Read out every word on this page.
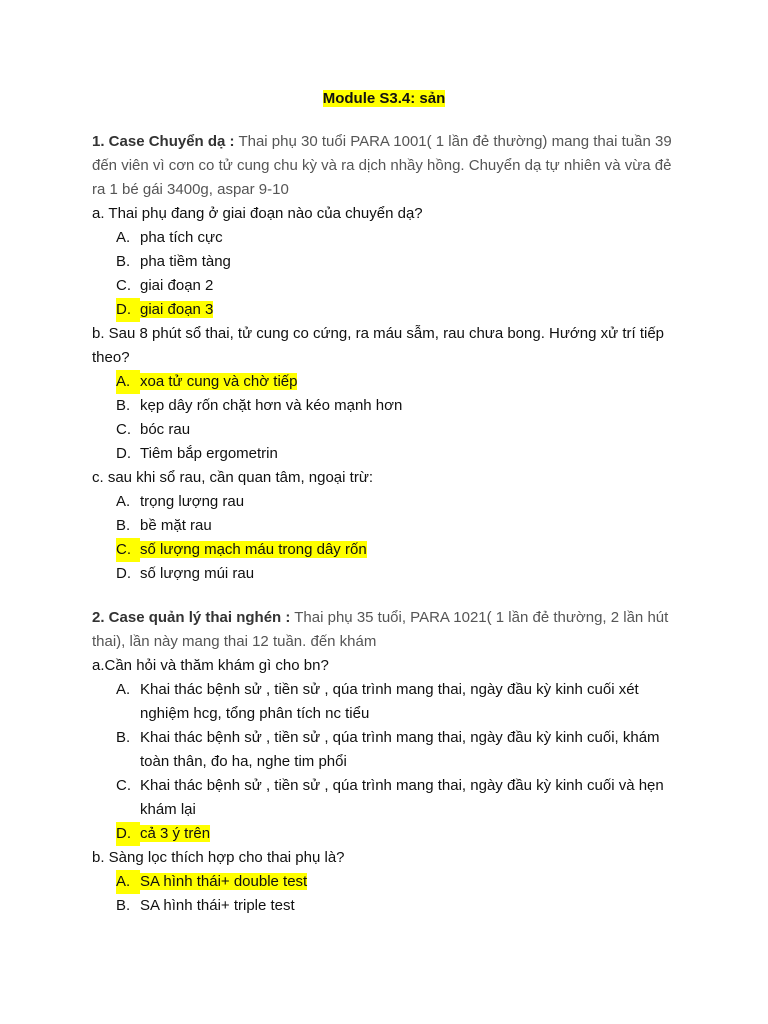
Module S3.4: sản
1. Case Chuyển dạ : Thai phụ 30 tuổi PARA 1001( 1 lần đẻ thường) mang thai tuần 39 đến viên vì cơn co tử cung chu kỳ và ra dịch nhầy hồng. Chuyển dạ tự nhiên và vừa đẻ ra 1 bé gái 3400g, aspar 9-10
a. Thai phụ đang ở giai đoạn nào của chuyển dạ?
A. pha tích cực
B. pha tiềm tàng
C. giai đoạn 2
D. giai đoạn 3
b. Sau 8 phút sổ thai, tử cung co cứng, ra máu sẫm, rau chưa bong. Hướng xử trí tiếp theo?
A. xoa tử cung và chờ tiếp
B. kẹp dây rốn chặt hơn và kéo mạnh hơn
C. bóc rau
D. Tiêm bắp ergometrin
c. sau khi sổ rau, cần quan tâm, ngoại trừ:
A. trọng lượng rau
B. bề mặt rau
C. số lượng mạch máu trong dây rốn
D. số lượng múi rau
2. Case quản lý thai nghén : Thai phụ 35 tuổi, PARA 1021( 1 lần đẻ thường, 2 lần hút thai), lần này mang thai 12 tuần. đến khám
a.Cần hỏi và thăm khám gì cho bn?
A. Khai thác bệnh sử , tiền sử , qúa trình mang thai, ngày đầu kỳ kinh cuối xét nghiệm hcg, tổng phân tích nc tiểu
B. Khai thác bệnh sử , tiền sử , qúa trình mang thai, ngày đầu kỳ kinh cuối, khám toàn thân, đo ha, nghe tim phổi
C. Khai thác bệnh sử , tiền sử , qúa trình mang thai, ngày đầu kỳ kinh cuối và hẹn khám lại
D. cả 3 ý trên
b. Sàng lọc thích hợp cho thai phụ là?
A. SA hình thái+ double test
B. SA hình thái+ triple test
